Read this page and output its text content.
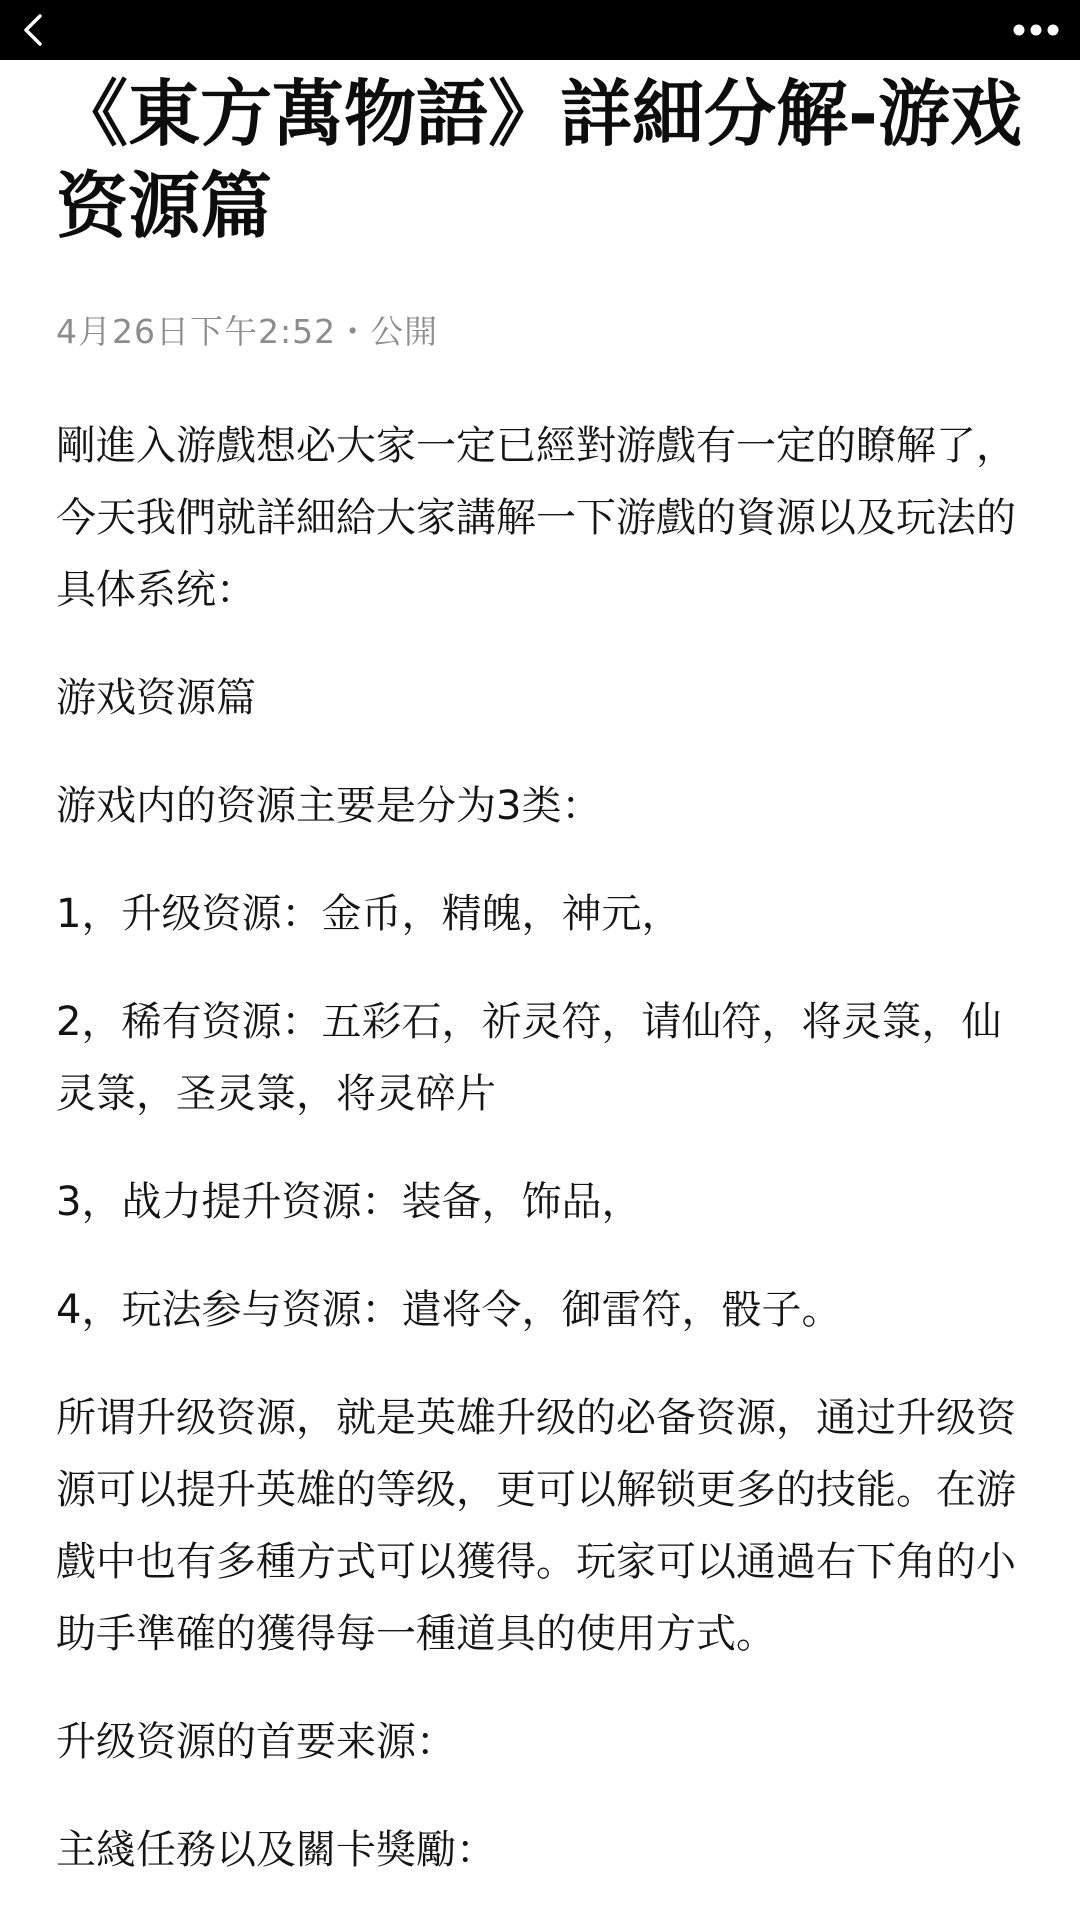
《東方萬物語》詳細分解-游戏资源篇
4月26日下午2:52・公開

剛進入游戲想必大家一定已經對游戲有一定的瞭解了，今天我們就詳細給大家講解一下游戲的資源以及玩法的具体系统：

游戏资源篇

游戏内的资源主要是分为3类：

1，升级资源：金币，精魄，神元，

2，稀有资源：五彩石，祈灵符，请仙符，将灵箓，仙灵箓，圣灵箓，将灵碎片

3，战力提升资源：装备，饰品，

4，玩法参与资源：遣将令，御雷符，骰子。

所谓升级资源，就是英雄升级的必备资源，通过升级资源可以提升英雄的等级，更可以解锁更多的技能。在游戲中也有多種方式可以獲得。玩家可以通過右下角的小助手準確的獲得每一種道具的使用方式。

升级资源的首要来源：

主綫任務以及關卡獎勵：
